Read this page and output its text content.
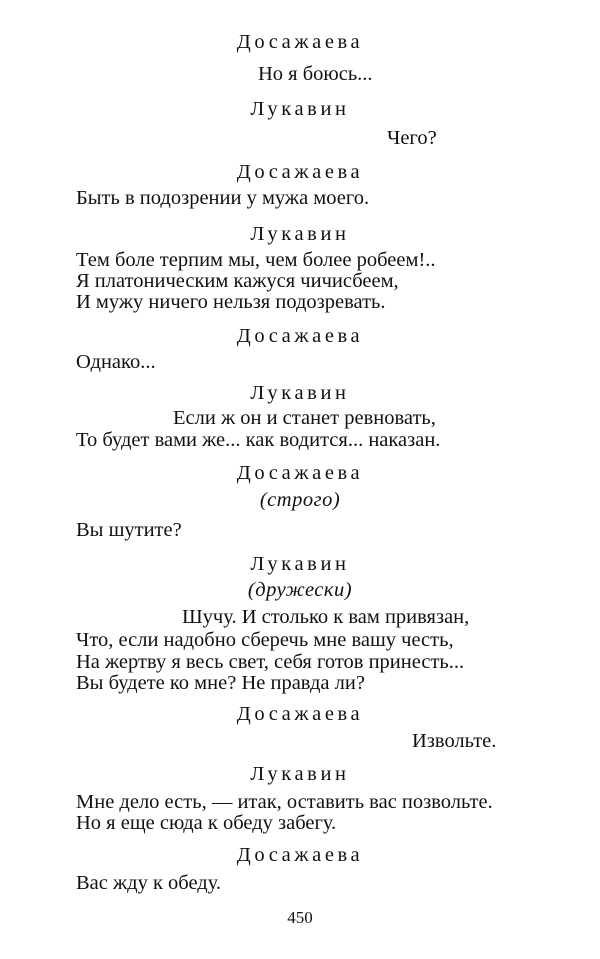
Досажаева
Но я боюсь...
Лукавин
Чего?
Досажаева
Быть в подозрении у мужа моего.
Лукавин
Тем боле терпим мы, чем более робеем!..
Я платоническим кажуся чичисбеем,
И мужу ничего нельзя подозревать.
Досажаева
Однако...
Лукавин
Если ж он и станет ревновать,
То будет вами же... как водится... наказан.
Досажаева
(строго)
Вы шутите?
Лукавин
(дружески)
Шучу. И столько к вам привязан,
Что, если надобно сберечь мне вашу честь,
На жертву я весь свет, себя готов принесть...
Вы будете ко мне? Не правда ли?
Досажаева
Извольте.
Лукавин
Мне дело есть, — итак, оставить вас позвольте.
Но я еще сюда к обеду забегу.
Досажаева
Вас жду к обеду.
450
